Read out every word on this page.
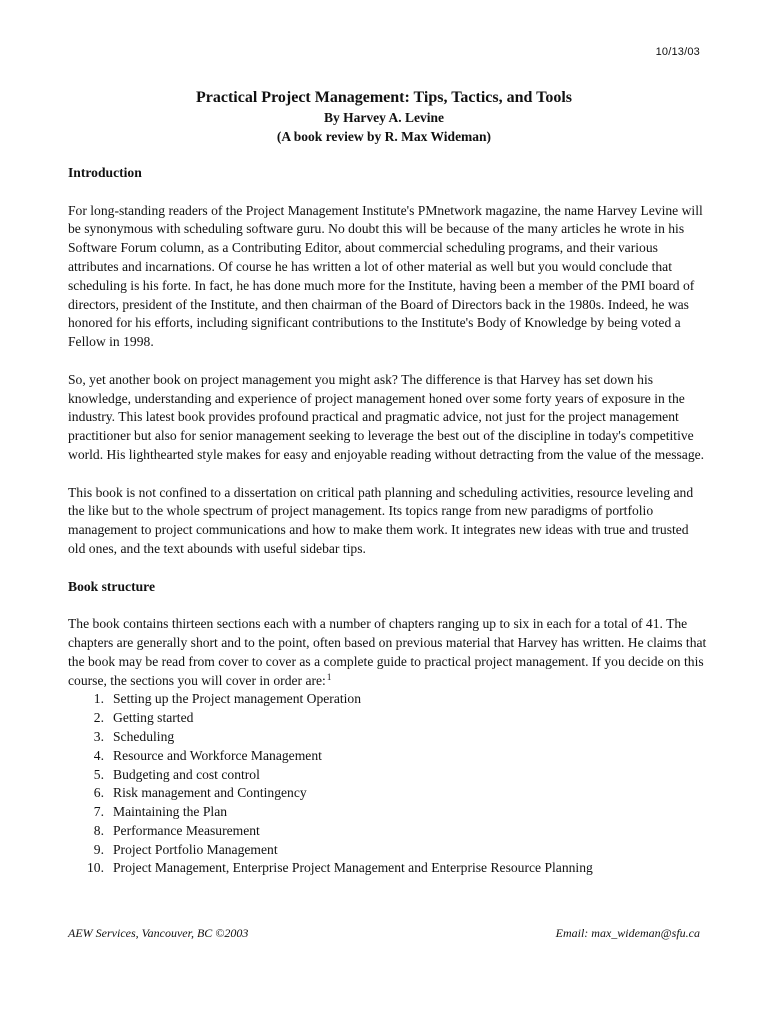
10/13/03
Practical Project Management: Tips, Tactics, and Tools
By Harvey A. Levine
(A book review by R. Max Wideman)
Introduction

For long-standing readers of the Project Management Institute's PMnetwork magazine, the name Harvey Levine will be synonymous with scheduling software guru. No doubt this will be because of the many articles he wrote in his Software Forum column, as a Contributing Editor, about commercial scheduling programs, and their various attributes and incarnations. Of course he has written a lot of other material as well but you would conclude that scheduling is his forte. In fact, he has done much more for the Institute, having been a member of the PMI board of directors, president of the Institute, and then chairman of the Board of Directors back in the 1980s. Indeed, he was honored for his efforts, including significant contributions to the Institute's Body of Knowledge by being voted a Fellow in 1998.

So, yet another book on project management you might ask? The difference is that Harvey has set down his knowledge, understanding and experience of project management honed over some forty years of exposure in the industry. This latest book provides profound practical and pragmatic advice, not just for the project management practitioner but also for senior management seeking to leverage the best out of the discipline in today's competitive world. His lighthearted style makes for easy and enjoyable reading without detracting from the value of the message.

This book is not confined to a dissertation on critical path planning and scheduling activities, resource leveling and the like but to the whole spectrum of project management. Its topics range from new paradigms of portfolio management to project communications and how to make them work. It integrates new ideas with true and trusted old ones, and the text abounds with useful sidebar tips.

Book structure

The book contains thirteen sections each with a number of chapters ranging up to six in each for a total of 41. The chapters are generally short and to the point, often based on previous material that Harvey has written. He claims that the book may be read from cover to cover as a complete guide to practical project management. If you decide on this course, the sections you will cover in order are:$^1$

1. Setting up the Project management Operation
2. Getting started
3. Scheduling
4. Resource and Workforce Management
5. Budgeting and cost control
6. Risk management and Contingency
7. Maintaining the Plan
8. Performance Measurement
9. Project Portfolio Management
10. Project Management, Enterprise Project Management and Enterprise Resource Planning
AEW Services, Vancouver, BC ©2003	Email: max_wideman@sfu.ca
